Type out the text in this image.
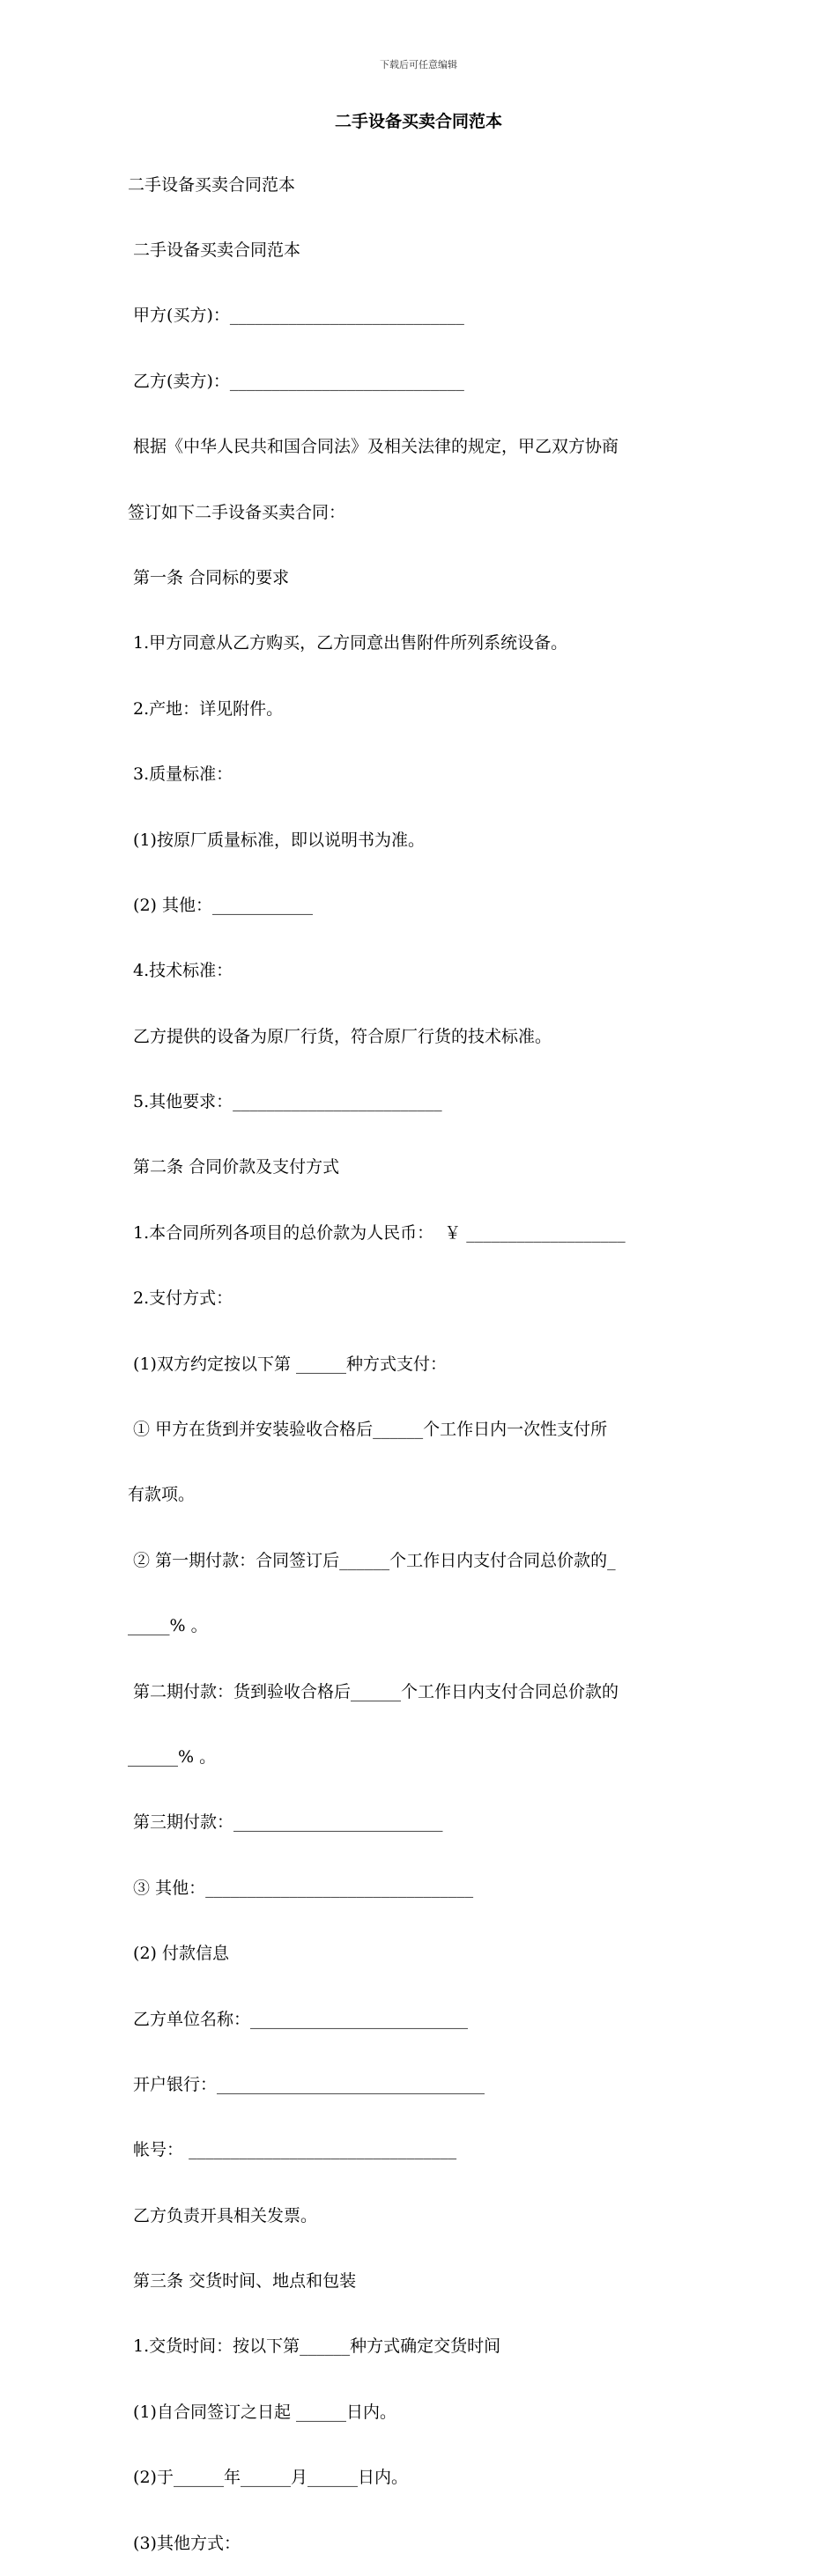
下载后可任意编辑
二手设备买卖合同范本

二手设备买卖合同范本

二手设备买卖合同范本

甲方(买方)：____________________________

乙方(卖方)：____________________________

根据《中华人民共和国合同法》及相关法律的规定，甲乙双方协商

签订如下二手设备买卖合同：

第一条 合同标的要求

1.甲方同意从乙方购买，乙方同意出售附件所列系统设备。

2.产地：详见附件。

3.质量标准：

(1)按原厂质量标准，即以说明书为准。

(2) 其他：____________

4.技术标准：

乙方提供的设备为原厂行货，符合原厂行货的技术标准。

5.其他要求：_________________________

第二条 合同价款及支付方式

1.本合同所列各项目的总价款为人民币：  ￥ ___________________

2.支付方式：

(1)双方约定按以下第 ______种方式支付：

① 甲方在货到并安装验收合格后______个工作日内一次性支付所

有款项。

② 第一期付款：合同签订后______个工作日内支付合同总价款的_

_____% 。

第二期付款：货到验收合格后______个工作日内支付合同总价款的

______% 。

第三期付款：_________________________

③ 其他：________________________________

(2) 付款信息

乙方单位名称：__________________________

开户银行：________________________________

帐号： ________________________________

乙方负责开具相关发票。

第三条 交货时间、地点和包装

1.交货时间：按以下第______种方式确定交货时间

(1)自合同签订之日起 ______日内。

(2)于______年______月______日内。

(3)其他方式：
